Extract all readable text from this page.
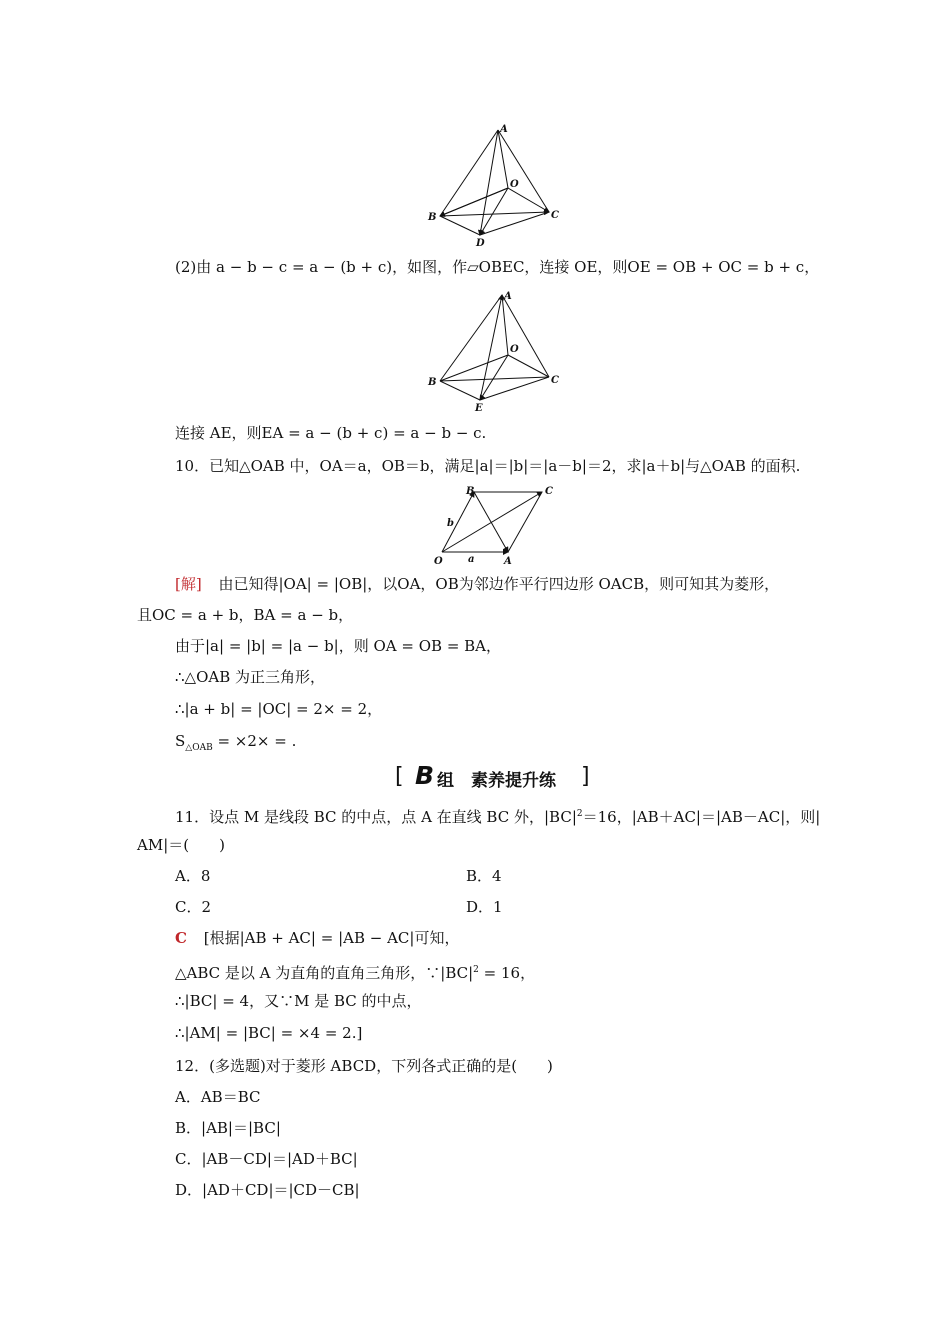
A
O
B	C
D
(2)由 a − b − c = a − (b + c)，如图，作▱OBEC，连接 OE，则OE = OB + OC = b + c，
A
O
B	C
E
连接 AE，则EA = a − (b + c) = a − b − c.
10．已知△OAB 中，OA＝a，OB＝b，满足|a|＝|b|＝|a－b|＝2，求|a＋b|与△OAB 的面积.
B	C
O	A
a
b
[解] 由已知得|OA| = |OB|，以OA，OB为邻边作平行四边形 OACB，则可知其为菱形，
且OC = a + b，BA = a − b，
由于|a| = |b| = |a − b|，则 OA = OB = BA，
∴△OAB 为正三角形，
∴|a + b| = |OC| = 2× = 2，
$S_{\triangle OAB} = \times 2\times$ = .
[ B 组　素养提升练 ]
11．设点 M 是线段 BC 的中点，点 A 在直线 BC 外，$|BC|^2=16$，|AB＋AC|＝|AB－AC|，则|
AM|＝(　　)
A．8	B．4
C．2	D．1
C [根据|AB + AC| = |AB − AC|可知，
△ABC 是以 A 为直角的直角三角形，$\because|BC|^2 = 16$，
∴|BC| = 4，又∵M 是 BC 的中点，
∴|AM| = |BC| = ×4 = 2.]
12．(多选题)对于菱形 ABCD，下列各式正确的是(　　)
A．AB＝BC
B．|AB|＝|BC|
C．|AB－CD|＝|AD＋BC|
D．|AD＋CD|＝|CD－CB|
